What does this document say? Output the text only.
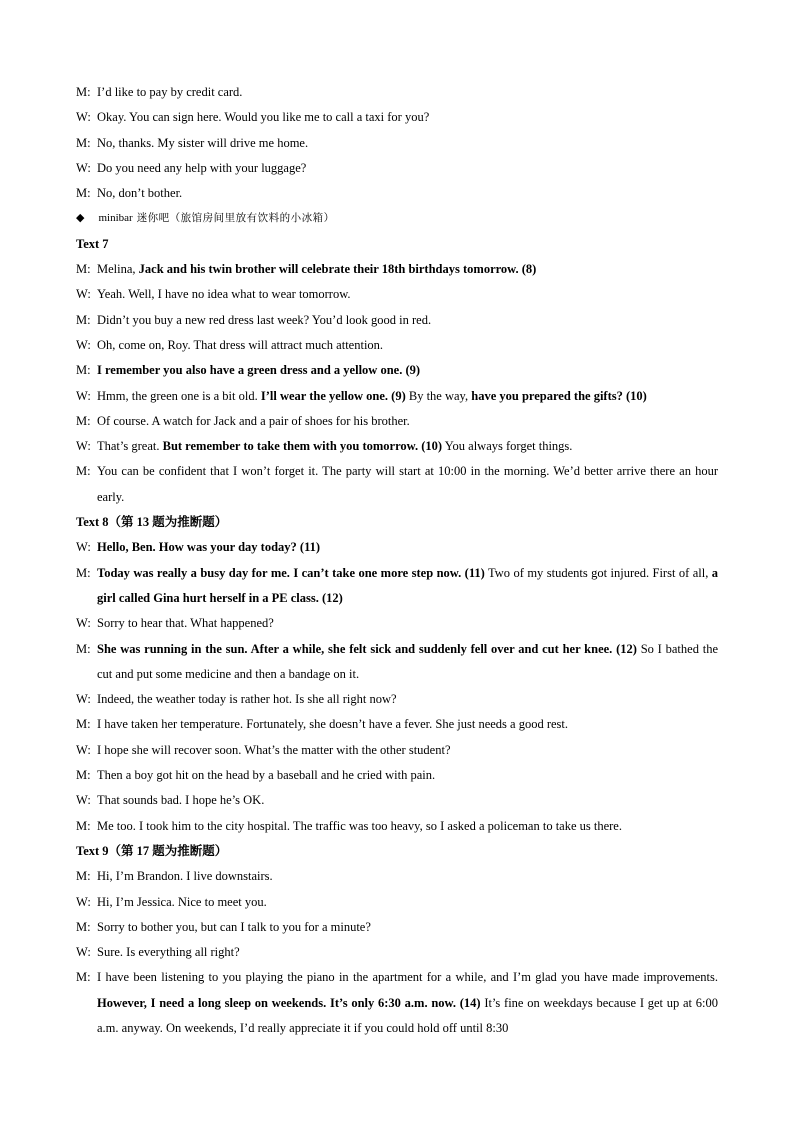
M: I’d like to pay by credit card.
W: Okay. You can sign here. Would you like me to call a taxi for you?
M: No, thanks. My sister will drive me home.
W: Do you need any help with your luggage?
M: No, don’t bother.
◆ minibar 迷你吧（旅馆房间里放有饮料的小冰箱）
Text 7
M: Melina, Jack and his twin brother will celebrate their 18th birthdays tomorrow. (8)
W: Yeah. Well, I have no idea what to wear tomorrow.
M: Didn’t you buy a new red dress last week? You’d look good in red.
W: Oh, come on, Roy. That dress will attract much attention.
M: I remember you also have a green dress and a yellow one. (9)
W: Hmm, the green one is a bit old. I’ll wear the yellow one. (9) By the way, have you prepared the gifts? (10)
M: Of course. A watch for Jack and a pair of shoes for his brother.
W: That’s great. But remember to take them with you tomorrow. (10) You always forget things.
M: You can be confident that I won’t forget it. The party will start at 10:00 in the morning. We’d better arrive there an hour early.
Text 8（第 13 题为推断题）
W: Hello, Ben. How was your day today? (11)
M: Today was really a busy day for me. I can’t take one more step now. (11) Two of my students got injured. First of all, a girl called Gina hurt herself in a PE class. (12)
W: Sorry to hear that. What happened?
M: She was running in the sun. After a while, she felt sick and suddenly fell over and cut her knee. (12) So I bathed the cut and put some medicine and then a bandage on it.
W: Indeed, the weather today is rather hot. Is she all right now?
M: I have taken her temperature. Fortunately, she doesn’t have a fever. She just needs a good rest.
W: I hope she will recover soon. What’s the matter with the other student?
M: Then a boy got hit on the head by a baseball and he cried with pain.
W: That sounds bad. I hope he’s OK.
M: Me too. I took him to the city hospital. The traffic was too heavy, so I asked a policeman to take us there.
Text 9（第 17 题为推断题）
M: Hi, I’m Brandon. I live downstairs.
W: Hi, I’m Jessica. Nice to meet you.
M: Sorry to bother you, but can I talk to you for a minute?
W: Sure. Is everything all right?
M: I have been listening to you playing the piano in the apartment for a while, and I’m glad you have made improvements. However, I need a long sleep on weekends. It’s only 6:30 a.m. now. (14) It’s fine on weekdays because I get up at 6:00 a.m. anyway. On weekends, I’d really appreciate it if you could hold off until 8:30
